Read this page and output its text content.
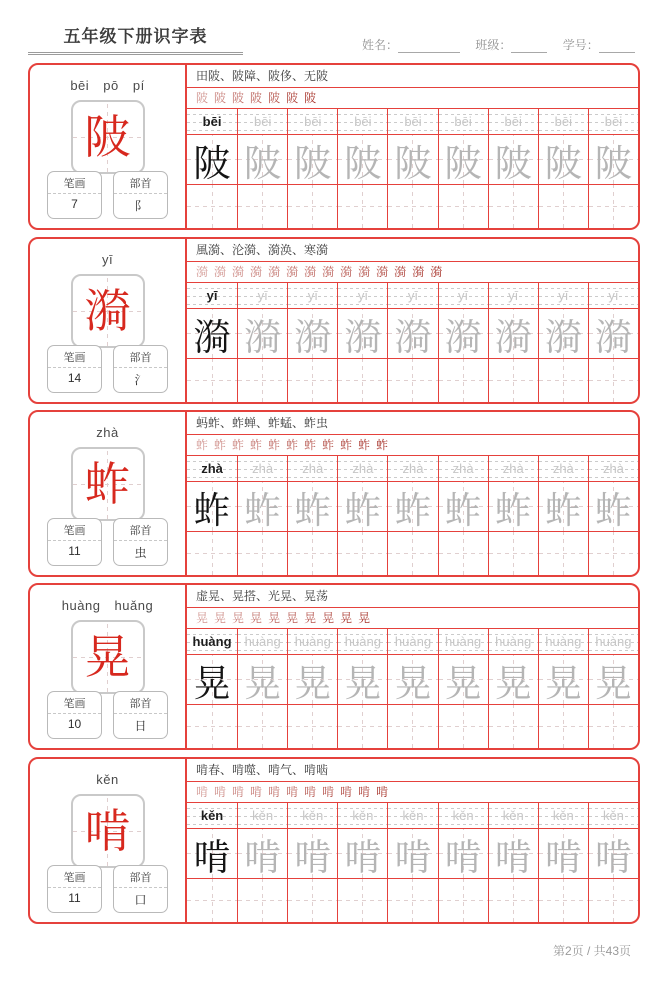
五年级下册识字表	姓名：	班级：	学号：
bēi pō pí
陂
笔画
7
部首
阝
田陂、陂障、陂侈、无陂
陂 陂 陂 陂 陂 陂 陂
bēi	bēi	bēi	bēi	bēi	bēi	bēi	bēi	bēi
陂 陂 陂 陂 陂 陂 陂 陂 陂
yī
漪
笔画
14
部首
氵
風漪、沦漪、漪涣、寒漪
漪 漪 漪 漪 漪 漪 漪 漪 漪 漪 漪 漪 漪 漪
yī	yī	yī	yī	yī	yī	yī	yī	yī
漪 漪 漪 漪 漪 漪 漪 漪 漪
zhà
蚱
笔画
11
部首
虫
蚂蚱、蚱蝉、蚱蜢、蚱虫
蚱 蚱 蚱 蚱 蚱 蚱 蚱 蚱 蚱 蚱 蚱
zhà	zhà	zhà	zhà	zhà	zhà	zhà	zhà	zhà
蚱 蚱 蚱 蚱 蚱 蚱 蚱 蚱 蚱
huàng huǎng
晃
笔画
10
部首
日
虚晃、晃搭、光晃、晃荡
晃 晃 晃 晃 晃 晃 晃 晃 晃 晃
huàng	huàng	huàng	huàng	huàng	huàng	huàng	huàng	huàng
晃 晃 晃 晃 晃 晃 晃 晃 晃
kěn
啃
笔画
11
部首
口
啃春、啃噬、啃气、啃啮
啃 啃 啃 啃 啃 啃 啃 啃 啃 啃 啃
kěn	kěn	kěn	kěn	kěn	kěn	kěn	kěn	kěn
啃 啃 啃 啃 啃 啃 啃 啃 啃
第2页 / 共43页
